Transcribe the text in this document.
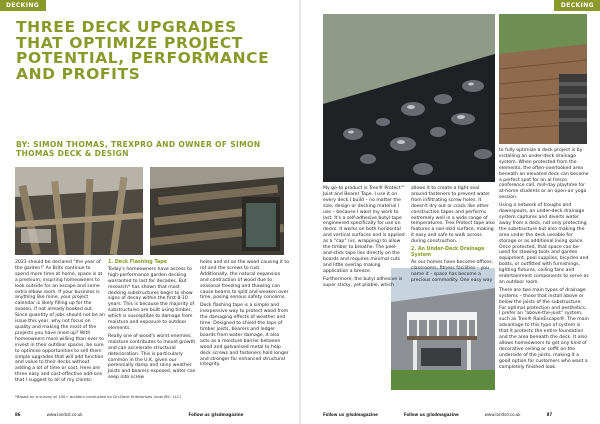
DECKING
THREE DECK UPGRADES THAT OPTIMIZE PROJECT POTENTIAL, PERFORMANCE AND PROFITS
BY: SIMON THOMAS, TREXPRO AND OWNER OF SIMON THOMAS DECK & DESIGN

2021 should be declared "the year of the garden!" As Brits continue to spend more time at home, space is at a premium, inspiring homeowners to look outside for an escape and some extra elbow room. If your business is anything like mine, your project calendar is likely filling up for the season, if not already booked out. Since quantity of jobs should not be an issue this year, why not focus on quality and making the most of the projects you have lined up? With homeowners more willing than ever to invest in their outdoor spaces, be sure to optimise opportunities to sell them simple upgrades that will add function and value to their decks without adding a lot of time or cost. Here are three easy and cost-effective add-ons that I suggest to all of my clients:

1. Deck Flashing Tape

Today's homeowners have access to high-performance garden decking warranted to last for decades. But research* has shown that most decking substructures begin to show signs of decay within the first 8-10 years. This is because the majority of substructures are built using timber, which is susceptible to damage from moisture and exposure to outdoor elements.

Really one of wood's worst enemies, moisture contributes to mould growth and can accelerate structural deterioration. This is particularly common in the U.K. given our perennially damp and rainy weather. Joists and bearers exposed, water can seep into screw

holes and sit on the wood causing it to rot and the screws to rust. Additionally, the natural expansion and contraction of wood due to seasonal freezing and thawing can cause beams to split and weaken over time, posing serious safety concerns.

Deck flashing tape is a simple and inexpensive way to protect wood from the damaging effects of weather and time. Designed to shield the tops of timber joists, bearers and ledger boards from water damage, it also acts as a moisture barrier between wood and galvanised metal to help deck screws and fasteners hold longer and stronger for enhanced structural integrity.

*Based on a survey of 100+ builders conducted by Dri-Deck Enterprises (now IBC, LLC)
86	www.landsd.co.uk	Follow us @lsdmagazine
DECKING

My go-to product is Trex® Protect™ Joist and Bearer Tape. I use it on every deck I build – no matter the size, design or decking material I use – because I want my work to last. It's a self-adhesive butyl tape engineered specifically for use on decks. It works on both horizontal and vertical surfaces and is applied as a "cap" (vs. wrapping) to allow the timber to breathe. The peel-and-stick tape lies directly on the boards and requires minimal cuts and little overlap making application a breeze.

Furthermore, the butyl adhesive is super sticky, yet pliable, which

allows it to create a tight seal around fasteners to prevent water from infiltrating screw holes. It doesn't dry out or crack like other construction tapes and performs extremely well in a wide range of temperatures. Trex Protect tape also features a non-skid surface, making it easy and safe to walk across during construction.

2. An Under-Deck Drainage System

As our homes have become offices, classrooms, fitness facilities – you name it – space has become a precious commodity. One easy way

to fully optimize a deck project is by installing an under-deck drainage system. When protected from the elements, the often-overlooked area beneath an elevated deck can become a perfect spot for an al fresco conference call, mid-day playtime for at-home students or an open-air yoga session.

Using a network of troughs and downspouts, an under-deck drainage system captures and diverts water away from a deck, not only protecting the substructure but also making the area under the deck useable for storage or as additional living space. Once protected, that space can be used for stowing tools and garden equipment, pool supplies, bicycles and boats, or outfitted with furnishings, lighting fixtures, ceiling fans and entertainment components to serve as an outdoor room.

There are two main types of drainage systems – those that install above or below the joists of the substructure. For optimal protection and aesthetics, I prefer an "above-the-joist" system, such as Trex® RainEscape®. The main advantage to this type of system is that it protects the entire foundation and the area beneath the deck. It also allows homeowners to get any kind of decorative ceiling or soffit on the underside of the joists, making it a good option for customers who want a completely finished look.

Follow us @lsdmagazine	Follow us @lsdmagazine	www.landsd.co.uk	87
